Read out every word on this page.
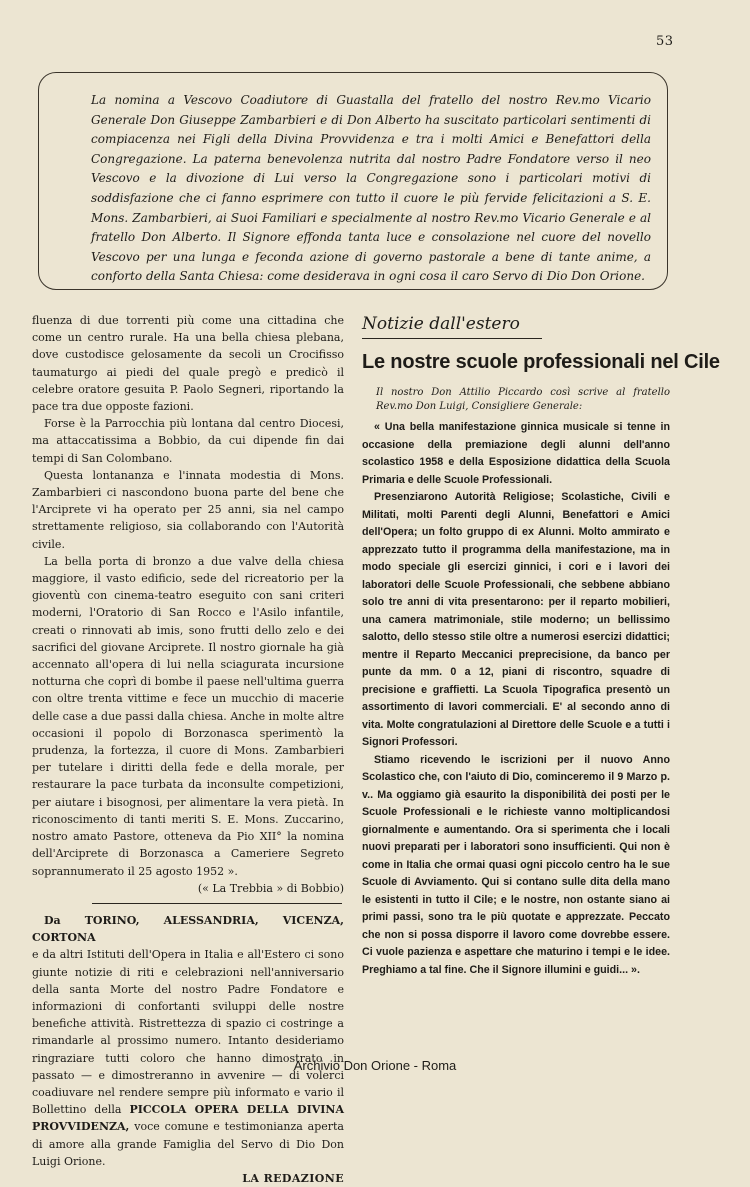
53

La nomina a Vescovo Coadiutore di Guastalla del fratello del nostro Rev.mo Vicario Generale Don Giuseppe Zambarbieri e di Don Alberto ha suscitato particolari sentimenti di compiacenza nei Figli della Divina Provvidenza e tra i molti Amici e Benefattori della Congregazione. La paterna benevolenza nutrita dal nostro Padre Fondatore verso il neo Vescovo e la divozione di Lui verso la Congregazione sono i particolari motivi di soddisfazione che ci fanno esprimere con tutto il cuore le più fervide felicitazioni a S. E. Mons. Zambarbieri, ai Suoi Familiari e specialmente al nostro Rev.mo Vicario Generale e al fratello Don Alberto. Il Signore effonda tanta luce e consolazione nel cuore del novello Vescovo per una lunga e feconda azione di governo pastorale a bene di tante anime, a conforto della Santa Chiesa: come desiderava in ogni cosa il caro Servo di Dio Don Orione.

fluenza di due torrenti più come una cittadina che come un centro rurale. Ha una bella chiesa plebana, dove custodisce gelosamente da secoli un Crocifisso taumaturgo ai piedi del quale pregò e predicò il celebre oratore gesuita P. Paolo Segneri, riportando la pace tra due opposte fazioni.

Forse è la Parrocchia più lontana dal centro Diocesi, ma attaccatissima a Bobbio, da cui dipende fin dai tempi di San Colombano.

Questa lontananza e l'innata modestia di Mons. Zambarbieri ci nascondono buona parte del bene che l'Arciprete vi ha operato per 25 anni, sia nel campo strettamente religioso, sia collaborando con l'Autorità civile.

La bella porta di bronzo a due valve della chiesa maggiore, il vasto edificio, sede del ricreatorio per la gioventù con cinema-teatro eseguito con sani criteri moderni, l'Oratorio di San Rocco e l'Asilo infantile, creati o rinnovati ab imis, sono frutti dello zelo e dei sacrifici del giovane Arciprete. Il nostro giornale ha già accennato all'opera di lui nella sciagurata incursione notturna che coprì di bombe il paese nell'ultima guerra con oltre trenta vittime e fece un mucchio di macerie delle case a due passi dalla chiesa. Anche in molte altre occasioni il popolo di Borzonasca sperimentò la prudenza, la fortezza, il cuore di Mons. Zambarbieri per tutelare i diritti della fede e della morale, per restaurare la pace turbata da inconsulte competizioni, per aiutare i bisognosi, per alimentare la vera pietà. In riconoscimento di tanti meriti S. E. Mons. Zuccarino, nostro amato Pastore, otteneva da Pio XII° la nomina dell'Arciprete di Borzonasca a Cameriere Segreto soprannumerato il 25 agosto 1952 ».

(« La Trebbia » di Bobbio)

Da TORINO, ALESSANDRIA, VICENZA, CORTONA
e da altri Istituti dell'Opera in Italia e all'Estero ci sono giunte notizie di riti e celebrazioni nell'anniversario della santa Morte del nostro Padre Fondatore e informazioni di confortanti sviluppi delle nostre benefiche attività. Ristrettezza di spazio ci costringe a rimandarle al prossimo numero. Intanto desideriamo ringraziare tutti coloro che hanno dimostrato in passato — e dimostreranno in avvenire — di volerci coadiuvare nel rendere sempre più informato e vario il Bollettino della PICCOLA OPERA DELLA DIVINA PROVVIDENZA, voce comune e testimonianza aperta di amore alla grande Famiglia del Servo di Dio Don Luigi Orione.

LA REDAZIONE

Notizie dall'estero
Le nostre scuole professionali nel Cile

Il nostro Don Attilio Piccardo così scrive al fratello Rev.mo Don Luigi, Consigliere Generale:

« Una bella manifestazione ginnica musicale si tenne in occasione della premiazione degli alunni dell'anno scolastico 1958 e della Esposizione didattica della Scuola Primaria e delle Scuole Professionali.

Presenziarono Autorità Religiose; Scolastiche, Civili e Militati, molti Parenti degli Alunni, Benefattori e Amici dell'Opera; un folto gruppo di ex Alunni. Molto ammirato e apprezzato tutto il programma della manifestazione, ma in modo speciale gli esercizi ginnici, i cori e i lavori dei laboratori delle Scuole Professionali, che sebbene abbiano solo tre anni di vita presentarono: per il reparto mobilieri, una camera matrimoniale, stile moderno; un bellissimo salotto, dello stesso stile oltre a numerosi esercizi didattici; mentre il Reparto Meccanici preprecisione, da banco per punte da mm. 0 a 12, piani di riscontro, squadre di precisione e graffietti. La Scuola Tipografica presentò un assortimento di lavori commerciali. E' al secondo anno di vita. Molte congratulazioni al Direttore delle Scuole e a tutti i Signori Professori.

Stiamo ricevendo le iscrizioni per il nuovo Anno Scolastico che, con l'aiuto di Dio, cominceremo il 9 Marzo p. v.. Ma oggiamo già esaurito la disponibilità dei posti per le Scuole Professionali e le richieste vanno moltiplicandosi giornalmente e aumentando. Ora si sperimenta che i locali nuovi preparati per i laboratori sono insufficienti. Qui non è come in Italia che ormai quasi ogni piccolo centro ha le sue Scuole di Avviamento. Qui si contano sulle dita della mano le esistenti in tutto il Cile; e le nostre, non ostante siano ai primi passi, sono tra le più quotate e apprezzate. Peccato che non si possa disporre il lavoro come dovrebbe essere. Ci vuole pazienza e aspettare che maturino i tempi e le idee. Preghiamo a tal fine. Che il Signore illumini e guidi... ».

Archivio Don Orione - Roma
